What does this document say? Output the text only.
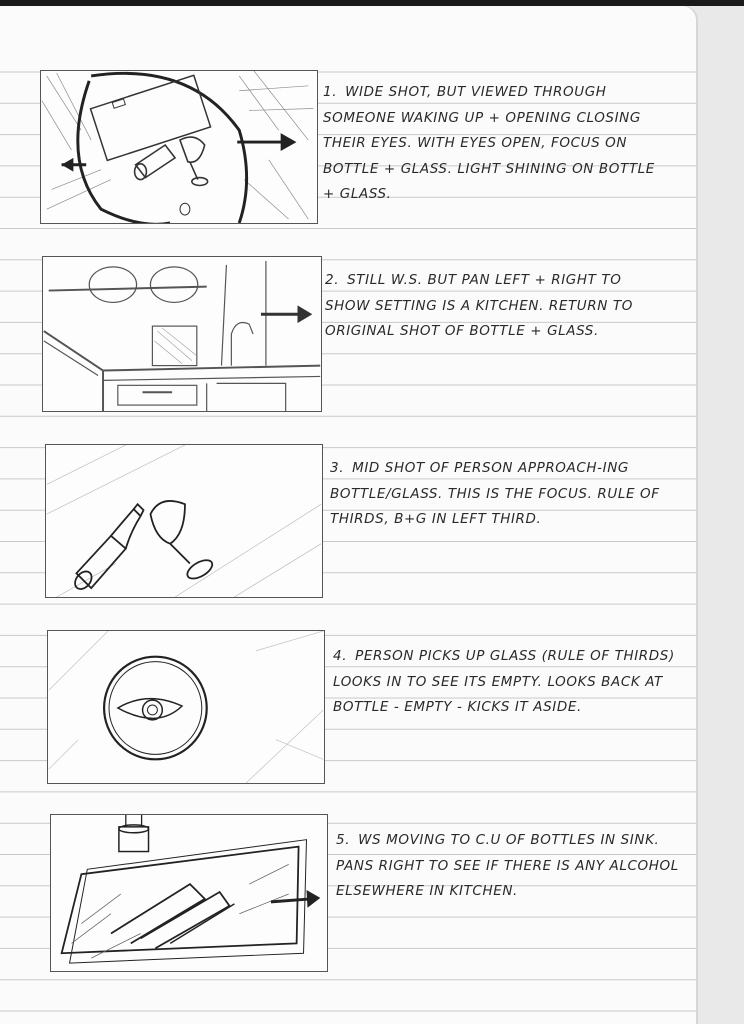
1. WIDE SHOT, BUT VIEWED THROUGH SOMEONE WAKING UP + OPENING CLOSING THEIR EYES. WITH EYES OPEN, FOCUS ON BOTTLE + GLASS. LIGHT SHINING ON BOTTLE + GLASS.
2. STILL W.S. BUT PAN LEFT + RIGHT TO SHOW SETTING IS A KITCHEN. RETURN TO ORIGINAL SHOT OF BOTTLE + GLASS.
3. MID SHOT OF PERSON APPROACH-ING BOTTLE/GLASS. THIS IS THE FOCUS. RULE OF THIRDS, B+G IN LEFT THIRD.
4. PERSON PICKS UP GLASS (RULE OF THIRDS) LOOKS IN TO SEE ITS EMPTY. LOOKS BACK AT BOTTLE - EMPTY - KICKS IT ASIDE.
5. WS MOVING TO C.U OF BOTTLES IN SINK. PANS RIGHT TO SEE IF THERE IS ANY ALCOHOL ELSEWHERE IN KITCHEN.
